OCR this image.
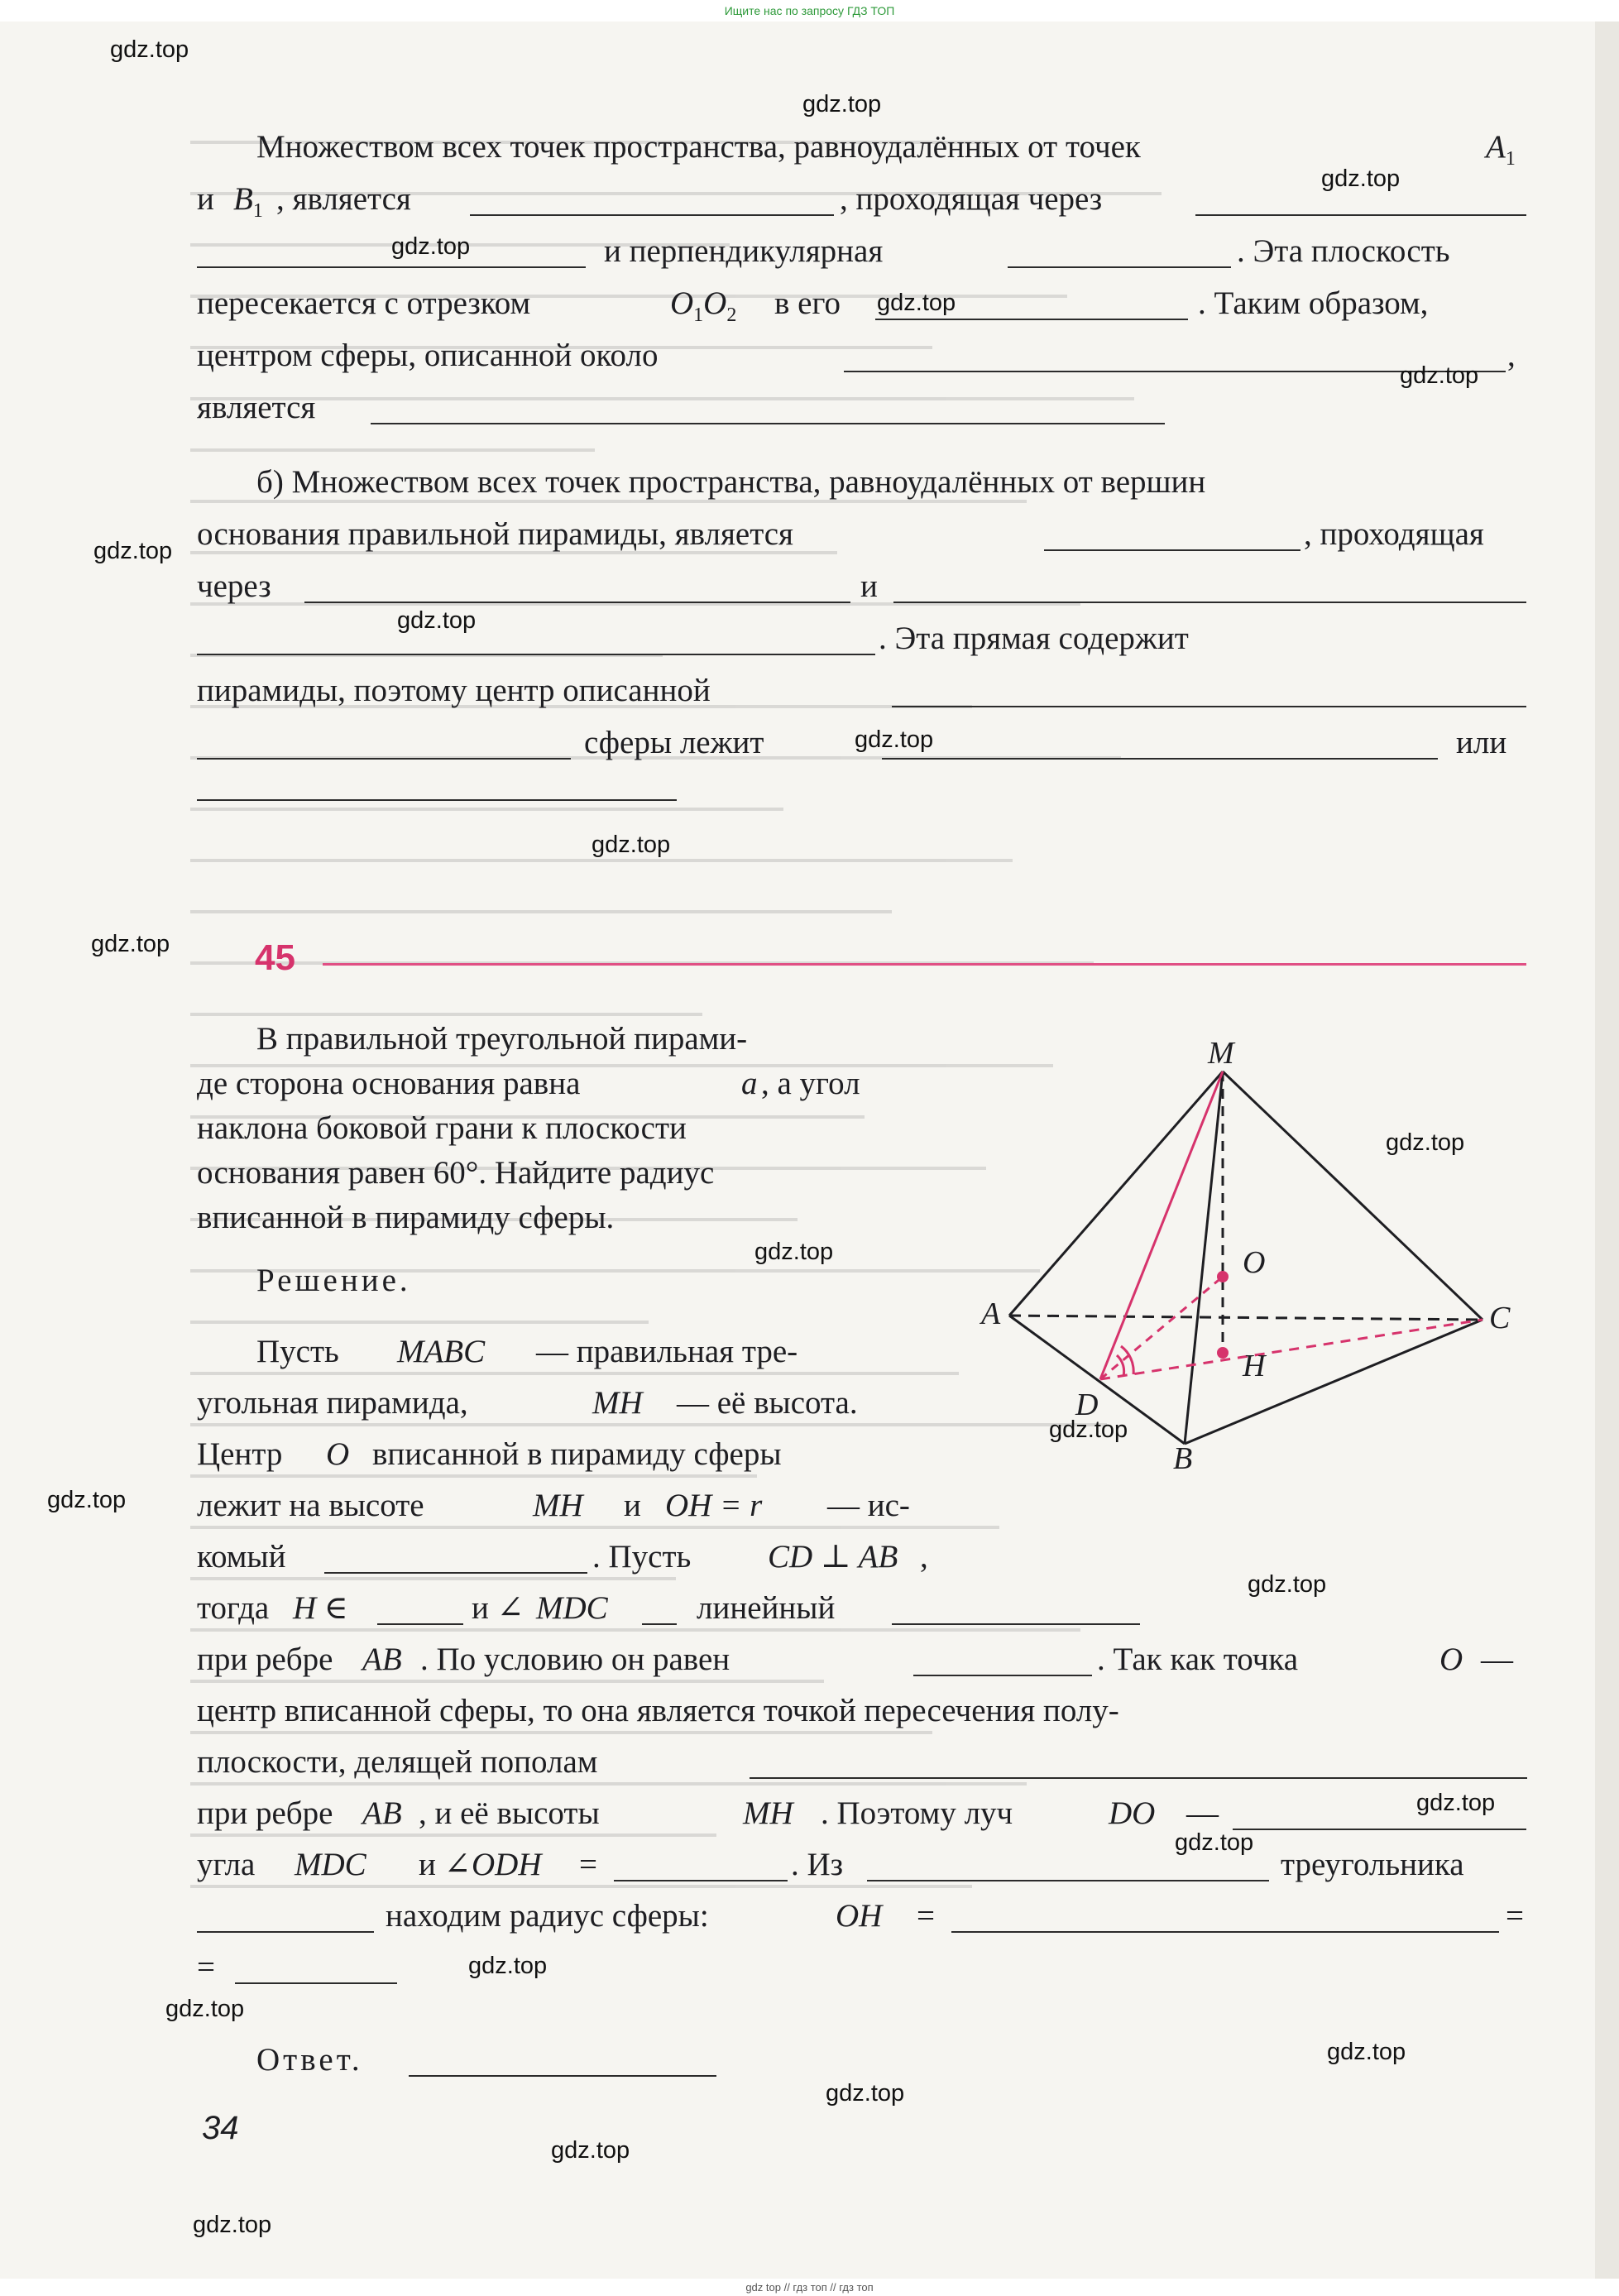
Ищите нас по запросу ГДЗ ТОП
Множеством всех точек пространства, равноудалённых от точек	$A_1$
и $B_1$ , является	, проходящая через
и перпендикулярная	. Эта плоскость
пересекается с отрезком	$O_1O_2$ в его	. Таким образом,
центром сферы, описанной около	,
является
б) Множеством всех точек пространства, равноудалённых от вершин
основания правильной пирамиды, является	, проходящая
через	и
. Эта прямая содержит
пирамиды, поэтому центр описанной
сферы лежит	или
45
В правильной треугольной пирами-
де сторона основания равна	a , а угол
наклона боковой грани к плоскости
основания равен 60°. Найдите радиус
вписанной в пирамиду сферы.
Решение.
Пусть MABC — правильная тре-
угольная пирамида,	MH — её высота.
Центр O вписанной в пирамиду сферы
лежит на высоте	MH и OH = r — ис-
комый	. Пусть CD ⊥ AB ,
тогда H ∈	и ∠ MDC	линейный
при ребре AB . По условию он равен	. Так как точка	O —
центр вписанной сферы, то она является точкой пересечения полу-
плоскости, делящей пополам
при ребре AB , и её высоты	MH . Поэтому луч	DO —
угла MDC и ∠ ODH =	. Из	треугольника
находим радиус сферы:	OH =	=
=
Ответ.
M
O
A	C
D
H
B
34
gdz.top
gdz.top
gdz.top
gdz.top
gdz.top
gdz.top
gdz.top
gdz.top
gdz.top
gdz.top
gdz.top
gdz.top
gdz.top
gdz.top
gdz.top
gdz.top
gdz.top
gdz.top
gdz.top
gdz.top
gdz.top
gdz.top
gdz.top
gdz.top
gdz top // гдз топ // гдз топ
